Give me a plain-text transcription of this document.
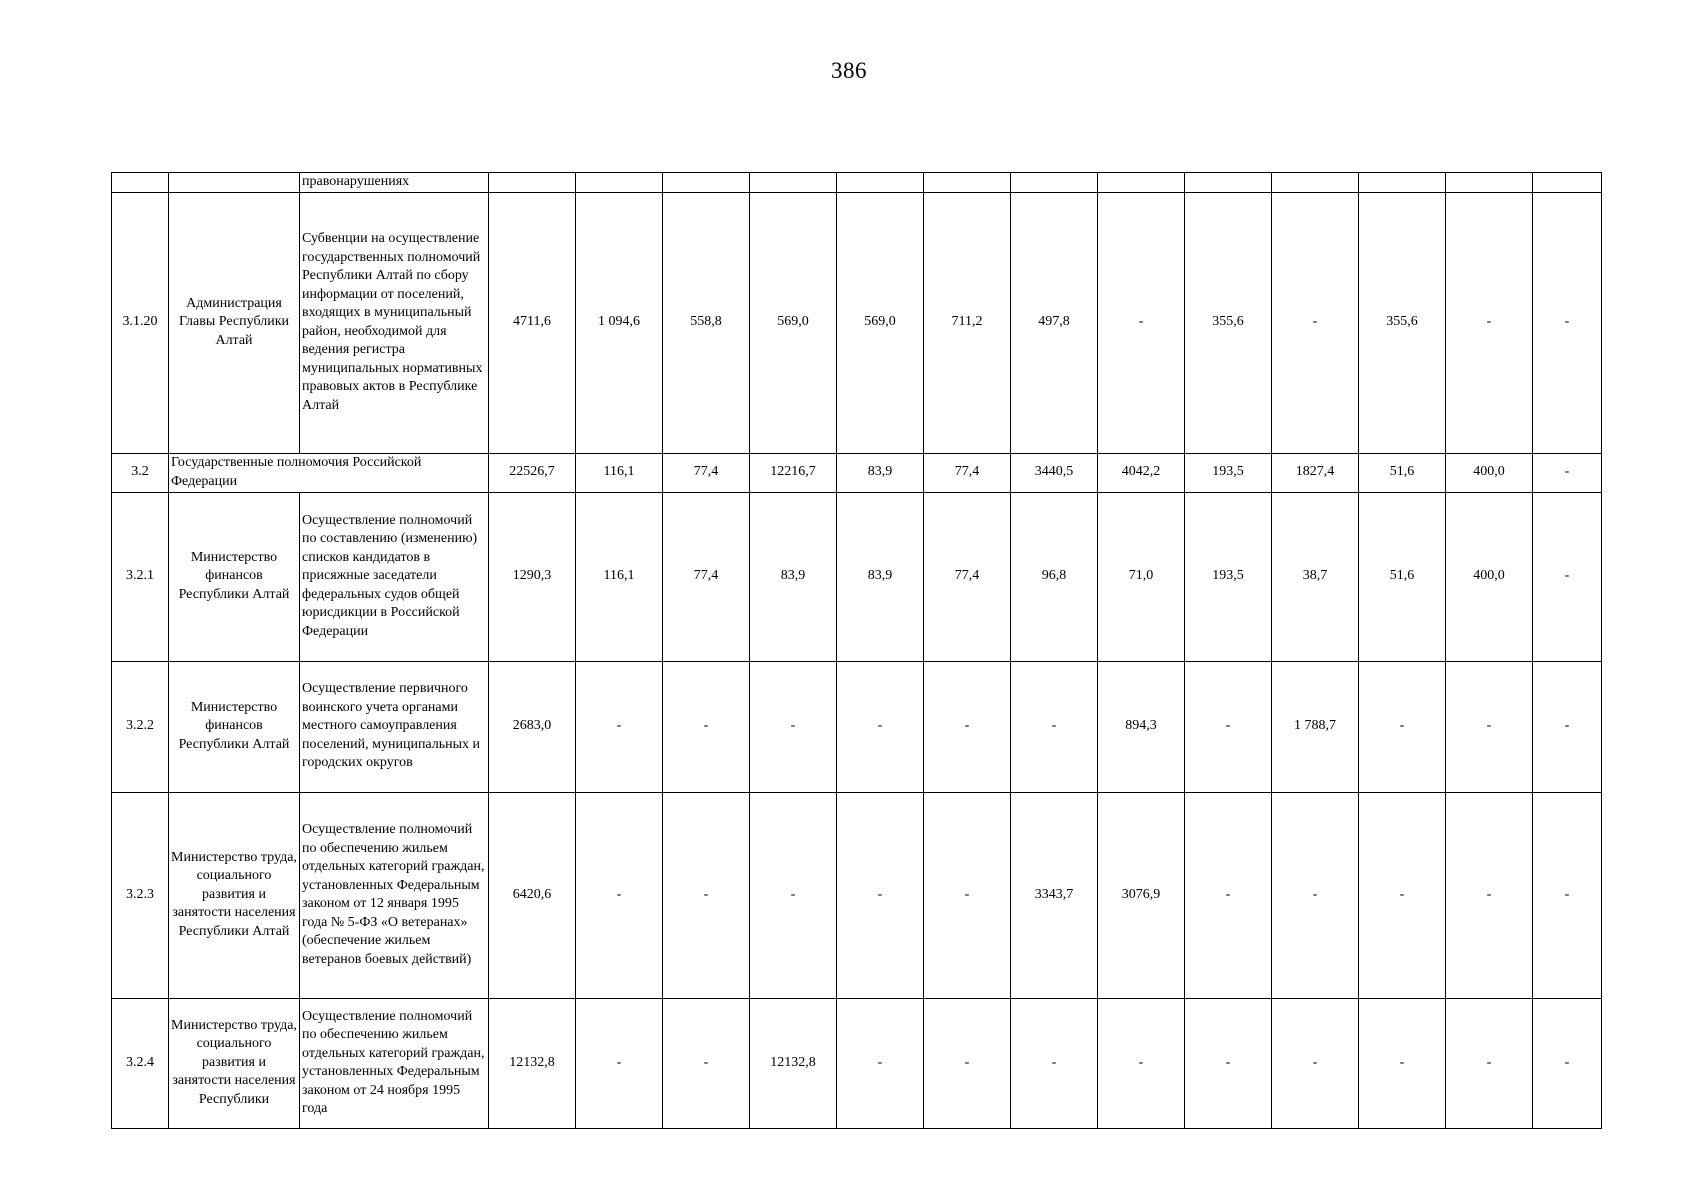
386
		правонарушениях													
3.1.20	Администрация Главы Республики Алтай	Субвенции на осуществление государственных полномочий Республики Алтай по сбору информации от поселений, входящих в муниципальный район, необходимой для ведения регистра муниципальных нормативных правовых актов в Республике Алтай	4711,6	1 094,6	558,8	569,0	569,0	711,2	497,8	-	355,6	-	355,6	-	-
3.2	Государственные полномочия Российской Федерации		22526,7	116,1	77,4	12216,7	83,9	77,4	3440,5	4042,2	193,5	1827,4	51,6	400,0	-
3.2.1	Министерство финансов Республики Алтай	Осуществление полномочий по составлению (изменению) списков кандидатов в присяжные заседатели федеральных судов общей юрисдикции в Российской Федерации	1290,3	116,1	77,4	83,9	83,9	77,4	96,8	71,0	193,5	38,7	51,6	400,0	-
3.2.2	Министерство финансов Республики Алтай	Осуществление первичного воинского учета органами местного самоуправления поселений, муниципальных и городских округов	2683,0	-	-	-	-	-	-	894,3	-	1 788,7	-	-	-
3.2.3	Министерство труда, социального развития и занятости населения Республики Алтай	Осуществление полномочий по обеспечению жильем отдельных категорий граждан, установленных Федеральным законом от 12 января 1995 года № 5-ФЗ «О ветеранах» (обеспечение жильем ветеранов боевых действий)	6420,6	-	-	-	-	-	3343,7	3076,9	-	-	-	-	-
3.2.4	Министерство труда, социального развития и занятости населения Республики	Осуществление полномочий по обеспечению жильем отдельных категорий граждан, установленных Федеральным законом от 24 ноября 1995 года	12132,8	-	-	12132,8	-	-	-	-	-	-	-	-	-
